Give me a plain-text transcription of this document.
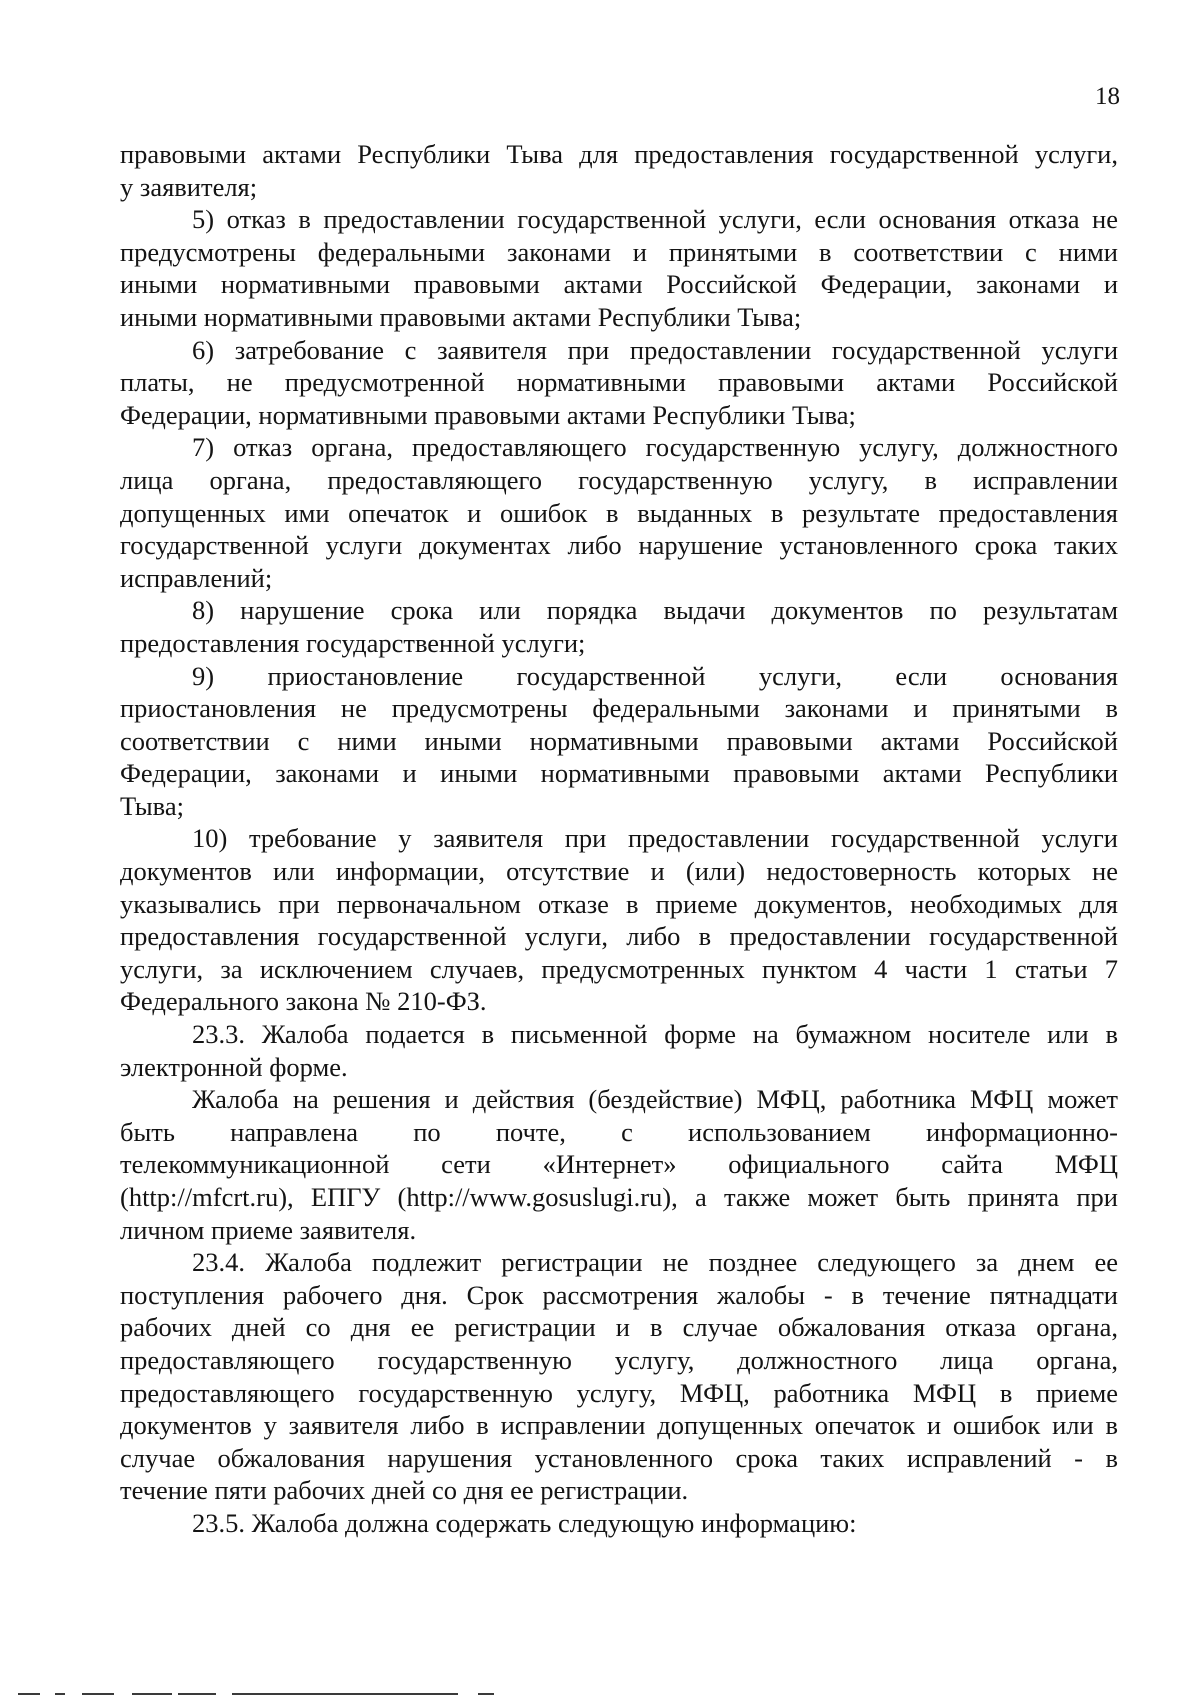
18
правовыми актами Республики Тыва для предоставления государственной услуги,
у заявителя;
5) отказ в предоставлении государственной услуги, если основания отказа не
предусмотрены федеральными законами и принятыми в соответствии с ними
иными нормативными правовыми актами Российской Федерации, законами и
иными нормативными правовыми актами Республики Тыва;
6) затребование с заявителя при предоставлении государственной услуги
платы, не предусмотренной нормативными правовыми актами Российской
Федерации, нормативными правовыми актами Республики Тыва;
7) отказ органа, предоставляющего государственную услугу, должностного
лица органа, предоставляющего государственную услугу, в исправлении
допущенных ими опечаток и ошибок в выданных в результате предоставления
государственной услуги документах либо нарушение установленного срока таких
исправлений;
8) нарушение срока или порядка выдачи документов по результатам
предоставления государственной услуги;
9) приостановление государственной услуги, если основания
приостановления не предусмотрены федеральными законами и принятыми в
соответствии с ними иными нормативными правовыми актами Российской
Федерации, законами и иными нормативными правовыми актами Республики
Тыва;
10) требование у заявителя при предоставлении государственной услуги
документов или информации, отсутствие и (или) недостоверность которых не
указывались при первоначальном отказе в приеме документов, необходимых для
предоставления государственной услуги, либо в предоставлении государственной
услуги, за исключением случаев, предусмотренных пунктом 4 части 1 статьи 7
Федерального закона № 210-ФЗ.
23.3. Жалоба подается в письменной форме на бумажном носителе или в
электронной форме.
Жалоба на решения и действия (бездействие) МФЦ, работника МФЦ может
быть направлена по почте, с использованием информационно-
телекоммуникационной сети «Интернет» официального сайта МФЦ
(http://mfcrt.ru), ЕПГУ (http://www.gosuslugi.ru), а также может быть принята при
личном приеме заявителя.
23.4. Жалоба подлежит регистрации не позднее следующего за днем ее
поступления рабочего дня. Срок рассмотрения жалобы - в течение пятнадцати
рабочих дней со дня ее регистрации и в случае обжалования отказа органа,
предоставляющего государственную услугу, должностного лица органа,
предоставляющего государственную услугу, МФЦ, работника МФЦ в приеме
документов у заявителя либо в исправлении допущенных опечаток и ошибок или в
случае обжалования нарушения установленного срока таких исправлений - в
течение пяти рабочих дней со дня ее регистрации.
23.5. Жалоба должна содержать следующую информацию:
